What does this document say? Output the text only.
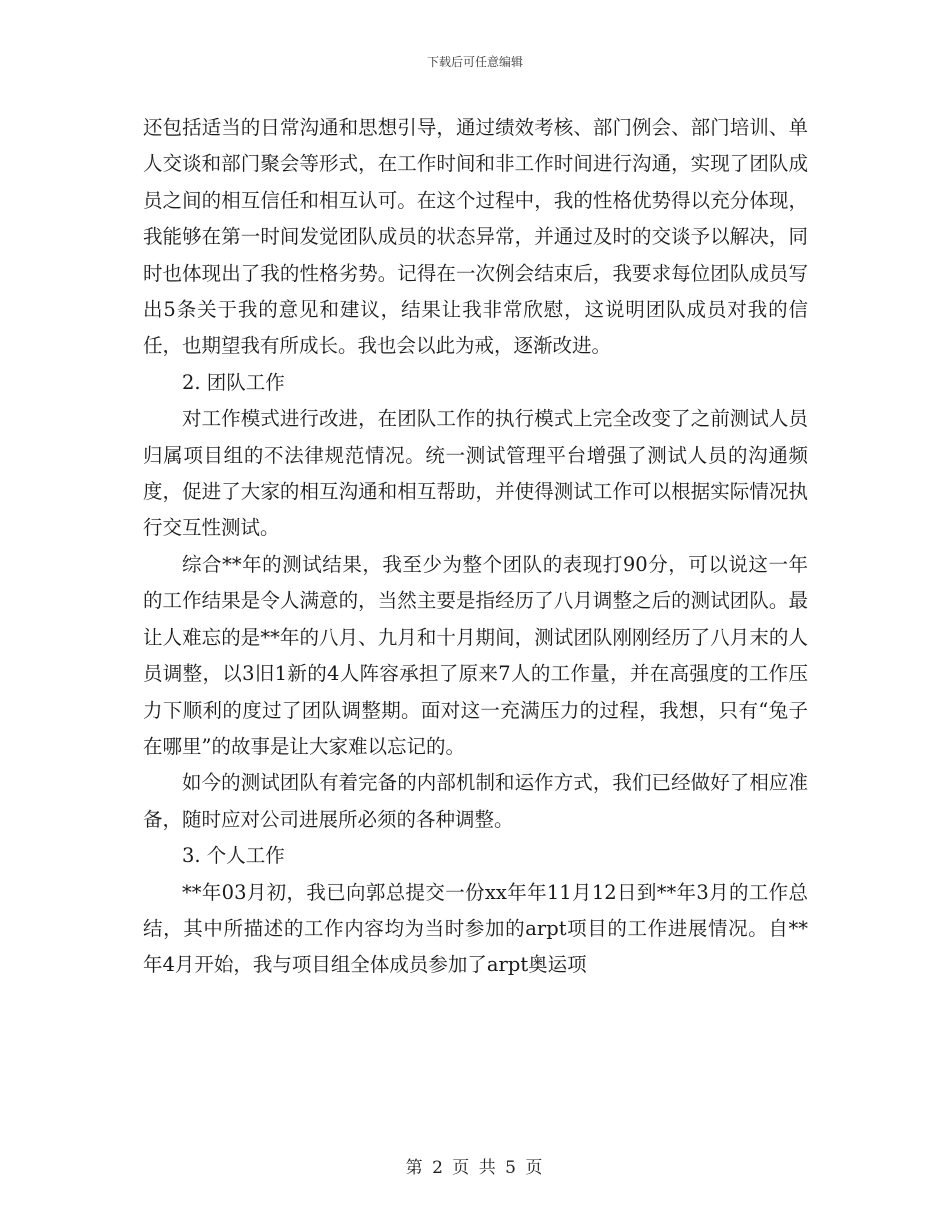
下载后可任意编辑

还包括适当的日常沟通和思想引导，通过绩效考核、部门例会、部门培训、单人交谈和部门聚会等形式，在工作时间和非工作时间进行沟通，实现了团队成员之间的相互信任和相互认可。在这个过程中，我的性格优势得以充分体现，我能够在第一时间发觉团队成员的状态异常，并通过及时的交谈予以解决，同时也体现出了我的性格劣势。记得在一次例会结束后，我要求每位团队成员写出5条关于我的意见和建议，结果让我非常欣慰，这说明团队成员对我的信任，也期望我有所成长。我也会以此为戒，逐渐改进。

2. 团队工作

对工作模式进行改进，在团队工作的执行模式上完全改变了之前测试人员归属项目组的不法律规范情况。统一测试管理平台增强了测试人员的沟通频度，促进了大家的相互沟通和相互帮助，并使得测试工作可以根据实际情况执行交互性测试。

综合**年的测试结果，我至少为整个团队的表现打90分，可以说这一年的工作结果是令人满意的，当然主要是指经历了八月调整之后的测试团队。最让人难忘的是**年的八月、九月和十月期间，测试团队刚刚经历了八月末的人员调整，以3旧1新的4人阵容承担了原来7人的工作量，并在高强度的工作压力下顺利的度过了团队调整期。面对这一充满压力的过程，我想，只有“兔子在哪里”的故事是让大家难以忘记的。

如今的测试团队有着完备的内部机制和运作方式，我们已经做好了相应准备，随时应对公司进展所必须的各种调整。

3. 个人工作

**年03月初，我已向郭总提交一份xx年年11月12日到**年3月的工作总结，其中所描述的工作内容均为当时参加的arpt项目的工作进展情况。自**年4月开始，我与项目组全体成员参加了arpt奥运项

第 2 页 共 5 页
